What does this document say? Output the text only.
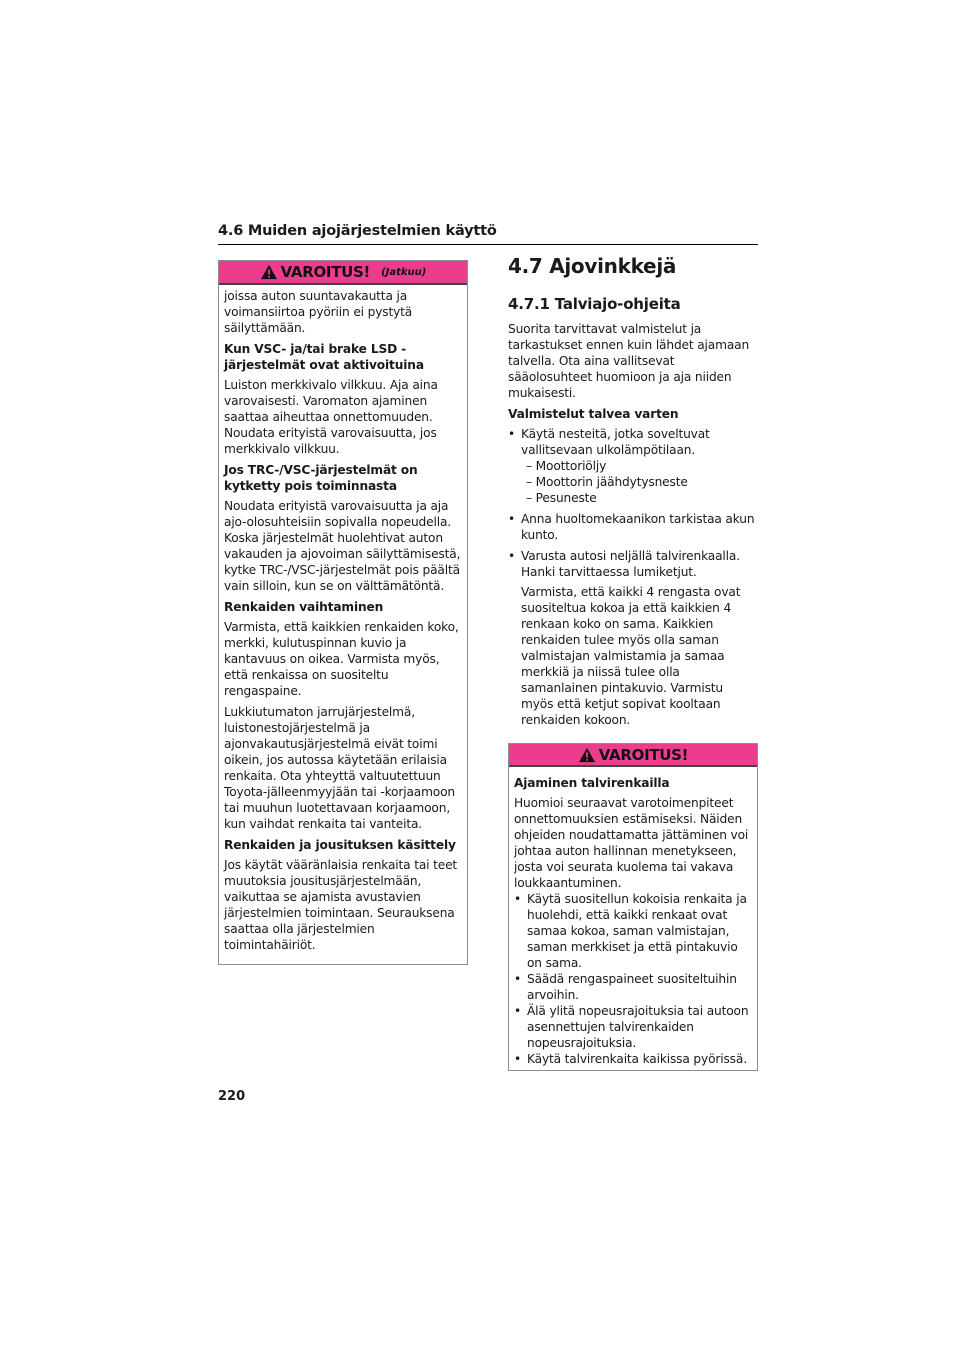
4.6 Muiden ajojärjestelmien käyttö
VAROITUS! (Jatkuu)

joissa auton suuntavakautta ja voimansiirtoa pyöriin ei pystytä säilyttämään.

Kun VSC- ja/tai brake LSD -järjestelmät ovat aktivoituina

Luiston merkkivalo vilkkuu. Aja aina varovaisesti. Varomaton ajaminen saattaa aiheuttaa onnettomuuden. Noudata erityistä varovaisuutta, jos merkkivalo vilkkuu.

Jos TRC-/VSC-järjestelmät on kytketty pois toiminnasta

Noudata erityistä varovaisuutta ja aja ajo-olosuhteisiin sopivalla nopeudella. Koska järjestelmät huolehtivat auton vakauden ja ajovoiman säilyttämisestä, kytke TRC-/VSC-järjestelmät pois päältä vain silloin, kun se on välttämätöntä.

Renkaiden vaihtaminen

Varmista, että kaikkien renkaiden koko, merkki, kulutuspinnan kuvio ja kantavuus on oikea. Varmista myös, että renkaissa on suositeltu rengaspaine.

Lukkiutumaton jarrujärjestelmä, luistonestojärjestelmä ja ajonvakautusjärjestelmä eivät toimi oikein, jos autossa käytetään erilaisia renkaita. Ota yhteyttä valtuutettuun Toyota-jälleenmyyjään tai -korjaamoon tai muuhun luotettavaan korjaamoon, kun vaihdat renkaita tai vanteita.

Renkaiden ja jousituksen käsittely

Jos käytät vääränlaisia renkaita tai teet muutoksia jousitusjärjestelmään, vaikuttaa se ajamista avustavien järjestelmien toimintaan. Seurauksena saattaa olla järjestelmien toimintahäiriöt.

4.7 Ajovinkkejä
4.7.1 Talviajo-ohjeita

Suorita tarvittavat valmistelut ja tarkastukset ennen kuin lähdet ajamaan talvella. Ota aina vallitsevat sääolosuhteet huomioon ja aja niiden mukaisesti.

Valmistelut talvea varten

• Käytä nesteitä, jotka soveltuvat vallitsevaan ulkolämpötilaan.
– Moottoriöljy
– Moottorin jäähdytysneste
– Pesuneste
• Anna huoltomekaanikon tarkistaa akun kunto.
• Varusta autosi neljällä talvirenkaalla. Hanki tarvittaessa lumiketjut.
Varmista, että kaikki 4 rengasta ovat suositeltua kokoa ja että kaikkien 4 renkaan koko on sama. Kaikkien renkaiden tulee myös olla saman valmistajan valmistamia ja samaa merkkiä ja niissä tulee olla samanlainen pintakuvio. Varmistu myös että ketjut sopivat kooltaan renkaiden kokoon.
VAROITUS!

Ajaminen talvirenkailla

Huomioi seuraavat varotoimenpiteet onnettomuuksien estämiseksi. Näiden ohjeiden noudattamatta jättäminen voi johtaa auton hallinnan menetykseen, josta voi seurata kuolema tai vakava loukkaantuminen.

• Käytä suositellun kokoisia renkaita ja huolehdi, että kaikki renkaat ovat samaa kokoa, saman valmistajan, saman merkkiset ja että pintakuvio on sama.
• Säädä rengaspaineet suositeltuihin arvoihin.
• Älä ylitä nopeusrajoituksia tai autoon asennettujen talvirenkaiden nopeusrajoituksia.
• Käytä talvirenkaita kaikissa pyörissä.
220
